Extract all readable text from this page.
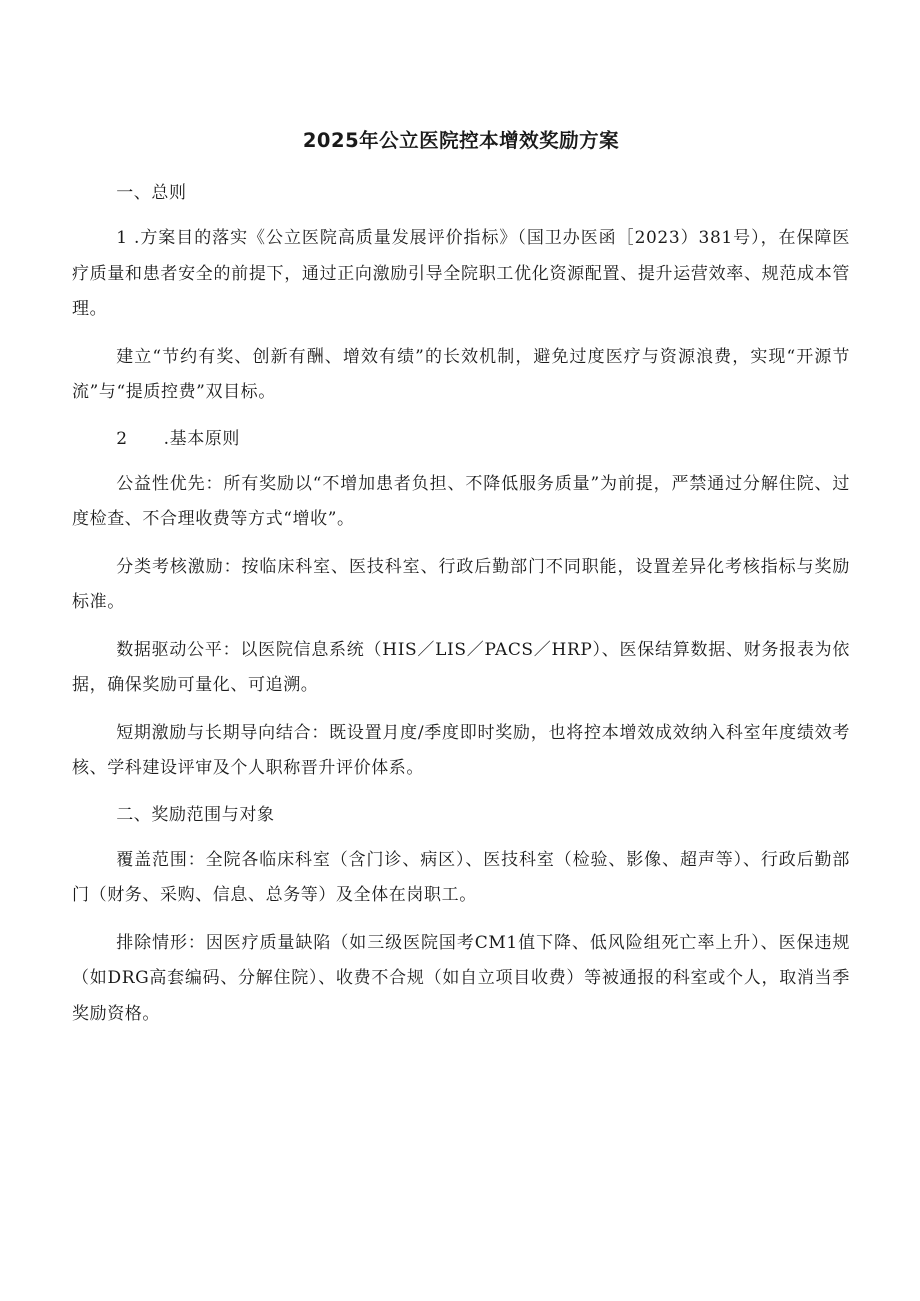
2025年公立医院控本增效奖励方案
一、总则
1 .方案目的落实《公立医院高质量发展评价指标》（国卫办医函［2023）381号），在保障医疗质量和患者安全的前提下，通过正向激励引导全院职工优化资源配置、提升运营效率、规范成本管理。
建立“节约有奖、创新有酬、增效有绩”的长效机制，避免过度医疗与资源浪费，实现“开源节流”与“提质控费”双目标。
2 .基本原则
公益性优先：所有奖励以“不增加患者负担、不降低服务质量”为前提，严禁通过分解住院、过度检查、不合理收费等方式“增收”。
分类考核激励：按临床科室、医技科室、行政后勤部门不同职能，设置差异化考核指标与奖励标准。
数据驱动公平：以医院信息系统（HIS／LIS／PACS／HRP）、医保结算数据、财务报表为依据，确保奖励可量化、可追溯。
短期激励与长期导向结合：既设置月度/季度即时奖励，也将控本增效成效纳入科室年度绩效考核、学科建设评审及个人职称晋升评价体系。
二、奖励范围与对象
覆盖范围：全院各临床科室（含门诊、病区）、医技科室（检验、影像、超声等）、行政后勤部门（财务、采购、信息、总务等）及全体在岗职工。
排除情形：因医疗质量缺陷（如三级医院国考CM1值下降、低风险组死亡率上升）、医保违规（如DRG高套编码、分解住院）、收费不合规（如自立项目收费）等被通报的科室或个人，取消当季奖励资格。
